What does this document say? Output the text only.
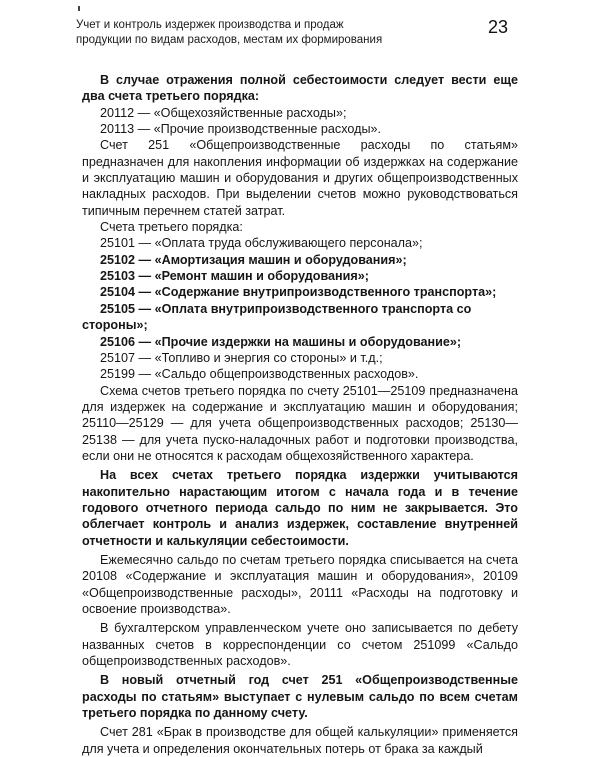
Учет и контроль издержек производства и продаж
продукции по видам расходов, местам их формирования
23

В случае отражения полной себестоимости следует вести еще два счета третьего порядка:

20112 — «Общехозяйственные расходы»;

20113 — «Прочие производственные расходы».

Счет 251 «Общепроизводственные расходы по статьям» предназначен для накопления информации об издержках на содержание и эксплуатацию машин и оборудования и других общепроизводственных накладных расходов. При выделении счетов можно руководствоваться типичным перечнем статей затрат.

Счета третьего порядка:

25101 — «Оплата труда обслуживающего персонала»;

25102 — «Амортизация машин и оборудования»;

25103 — «Ремонт машин и оборудования»;

25104 — «Содержание внутрипроизводственного транспорта»;

25105 — «Оплата внутрипроизводственного транспорта со стороны»;

25106 — «Прочие издержки на машины и оборудование»;

25107 — «Топливо и энергия со стороны» и т.д.;

25199 — «Сальдо общепроизводственных расходов».

Схема счетов третьего порядка по счету 25101—25109 предназначена для издержек на содержание и эксплуатацию машин и оборудования; 25110—25129 — для учета общепроизводственных расходов; 25130—25138 — для учета пуско-наладочных работ и подготовки производства, если они не относятся к расходам общехозяйственного характера.

На всех счетах третьего порядка издержки учитываются накопительно нарастающим итогом с начала года и в течение годового отчетного периода сальдо по ним не закрывается. Это облегчает контроль и анализ издержек, составление внутренней отчетности и калькуляции себестоимости.

Ежемесячно сальдо по счетам третьего порядка списывается на счета 20108 «Содержание и эксплуатация машин и оборудования», 20109 «Общепроизводственные расходы», 20111 «Расходы на подготовку и освоение производства».

В бухгалтерском управленческом учете оно записывается по дебету названных счетов в корреспонденции со счетом 251099 «Сальдо общепроизводственных расходов».

В новый отчетный год счет 251 «Общепроизводственные расходы по статьям» выступает с нулевым сальдо по всем счетам третьего порядка по данному счету.

Счет 281 «Брак в производстве для общей калькуляции» применяется для учета и определения окончательных потерь от брака за каждый
